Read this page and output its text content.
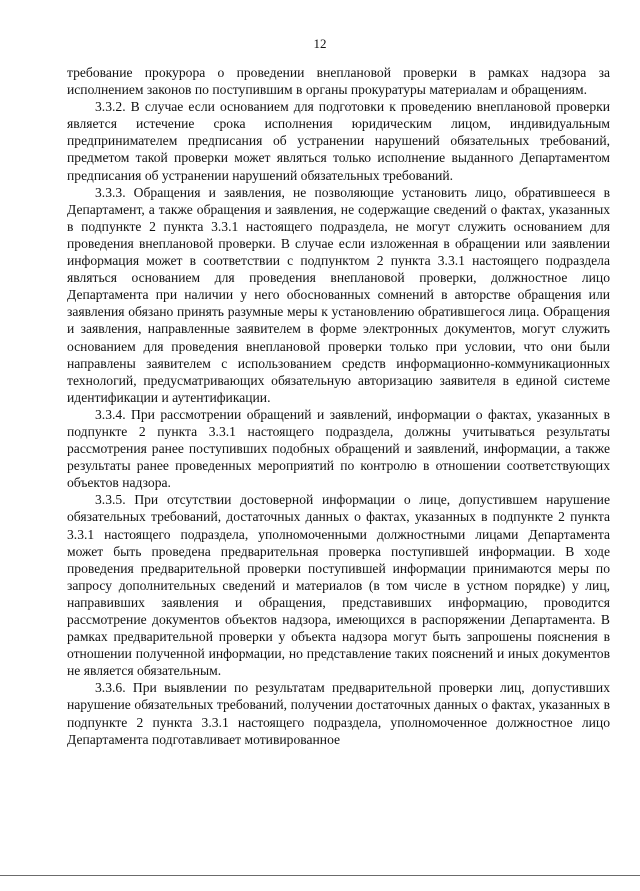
12

требование прокурора о проведении внеплановой проверки в рамках надзора за исполнением законов по поступившим в органы прокуратуры материалам и обращениям.

3.3.2. В случае если основанием для подготовки к проведению внеплановой проверки является истечение срока исполнения юридическим лицом, индивидуальным предпринимателем предписания об устранении нарушений обязательных требований, предметом такой проверки может являться только исполнение выданного Департаментом предписания об устранении нарушений обязательных требований.

3.3.3. Обращения и заявления, не позволяющие установить лицо, обратившееся в Департамент, а также обращения и заявления, не содержащие сведений о фактах, указанных в подпункте 2 пункта 3.3.1 настоящего подраздела, не могут служить основанием для проведения внеплановой проверки. В случае если изложенная в обращении или заявлении информация может в соответствии с подпунктом 2 пункта 3.3.1 настоящего подраздела являться основанием для проведения внеплановой проверки, должностное лицо Департамента при наличии у него обоснованных сомнений в авторстве обращения или заявления обязано принять разумные меры к установлению обратившегося лица. Обращения и заявления, направленные заявителем в форме электронных документов, могут служить основанием для проведения внеплановой проверки только при условии, что они были направлены заявителем с использованием средств информационно-коммуникационных технологий, предусматривающих обязательную авторизацию заявителя в единой системе идентификации и аутентификации.

3.3.4. При рассмотрении обращений и заявлений, информации о фактах, указанных в подпункте 2 пункта 3.3.1 настоящего подраздела, должны учитываться результаты рассмотрения ранее поступивших подобных обращений и заявлений, информации, а также результаты ранее проведенных мероприятий по контролю в отношении соответствующих объектов надзора.

3.3.5. При отсутствии достоверной информации о лице, допустившем нарушение обязательных требований, достаточных данных о фактах, указанных в подпункте 2 пункта 3.3.1 настоящего подраздела, уполномоченными должностными лицами Департамента может быть проведена предварительная проверка поступившей информации. В ходе проведения предварительной проверки поступившей информации принимаются меры по запросу дополнительных сведений и материалов (в том числе в устном порядке) у лиц, направивших заявления и обращения, представивших информацию, проводится рассмотрение документов объектов надзора, имеющихся в распоряжении Департамента. В рамках предварительной проверки у объекта надзора могут быть запрошены пояснения в отношении полученной информации, но представление таких пояснений и иных документов не является обязательным.

3.3.6. При выявлении по результатам предварительной проверки лиц, допустивших нарушение обязательных требований, получении достаточных данных о фактах, указанных в подпункте 2 пункта 3.3.1 настоящего подраздела, уполномоченное должностное лицо Департамента подготавливает мотивированное
